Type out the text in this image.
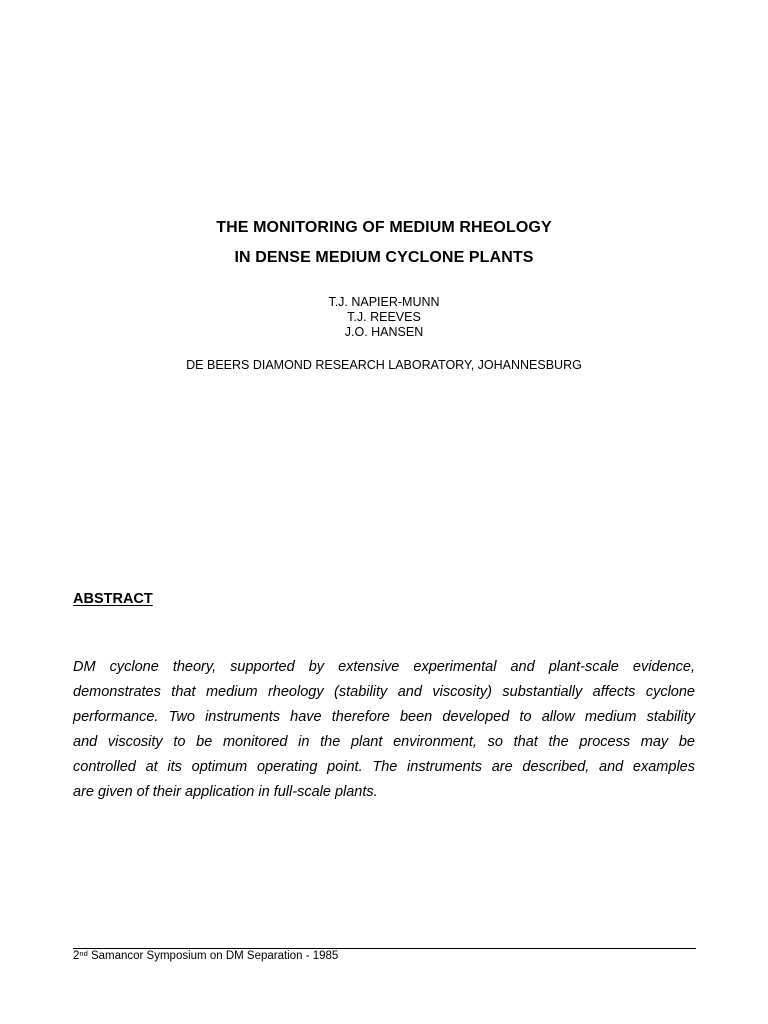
THE MONITORING OF MEDIUM RHEOLOGY
IN DENSE MEDIUM CYCLONE PLANTS
T.J. NAPIER-MUNN
T.J. REEVES
J.O. HANSEN
DE BEERS DIAMOND RESEARCH LABORATORY, JOHANNESBURG
ABSTRACT
DM cyclone theory, supported by extensive experimental and plant-scale evidence,
demonstrates that medium rheology (stability and viscosity) substantially affects cyclone
performance. Two instruments have therefore been developed to allow medium stability
and viscosity to be monitored in the plant environment, so that the process may be
controlled at its optimum operating point. The instruments are described, and examples
are given of their application in full-scale plants.
2nd Samancor Symposium on DM Separation - 1985
